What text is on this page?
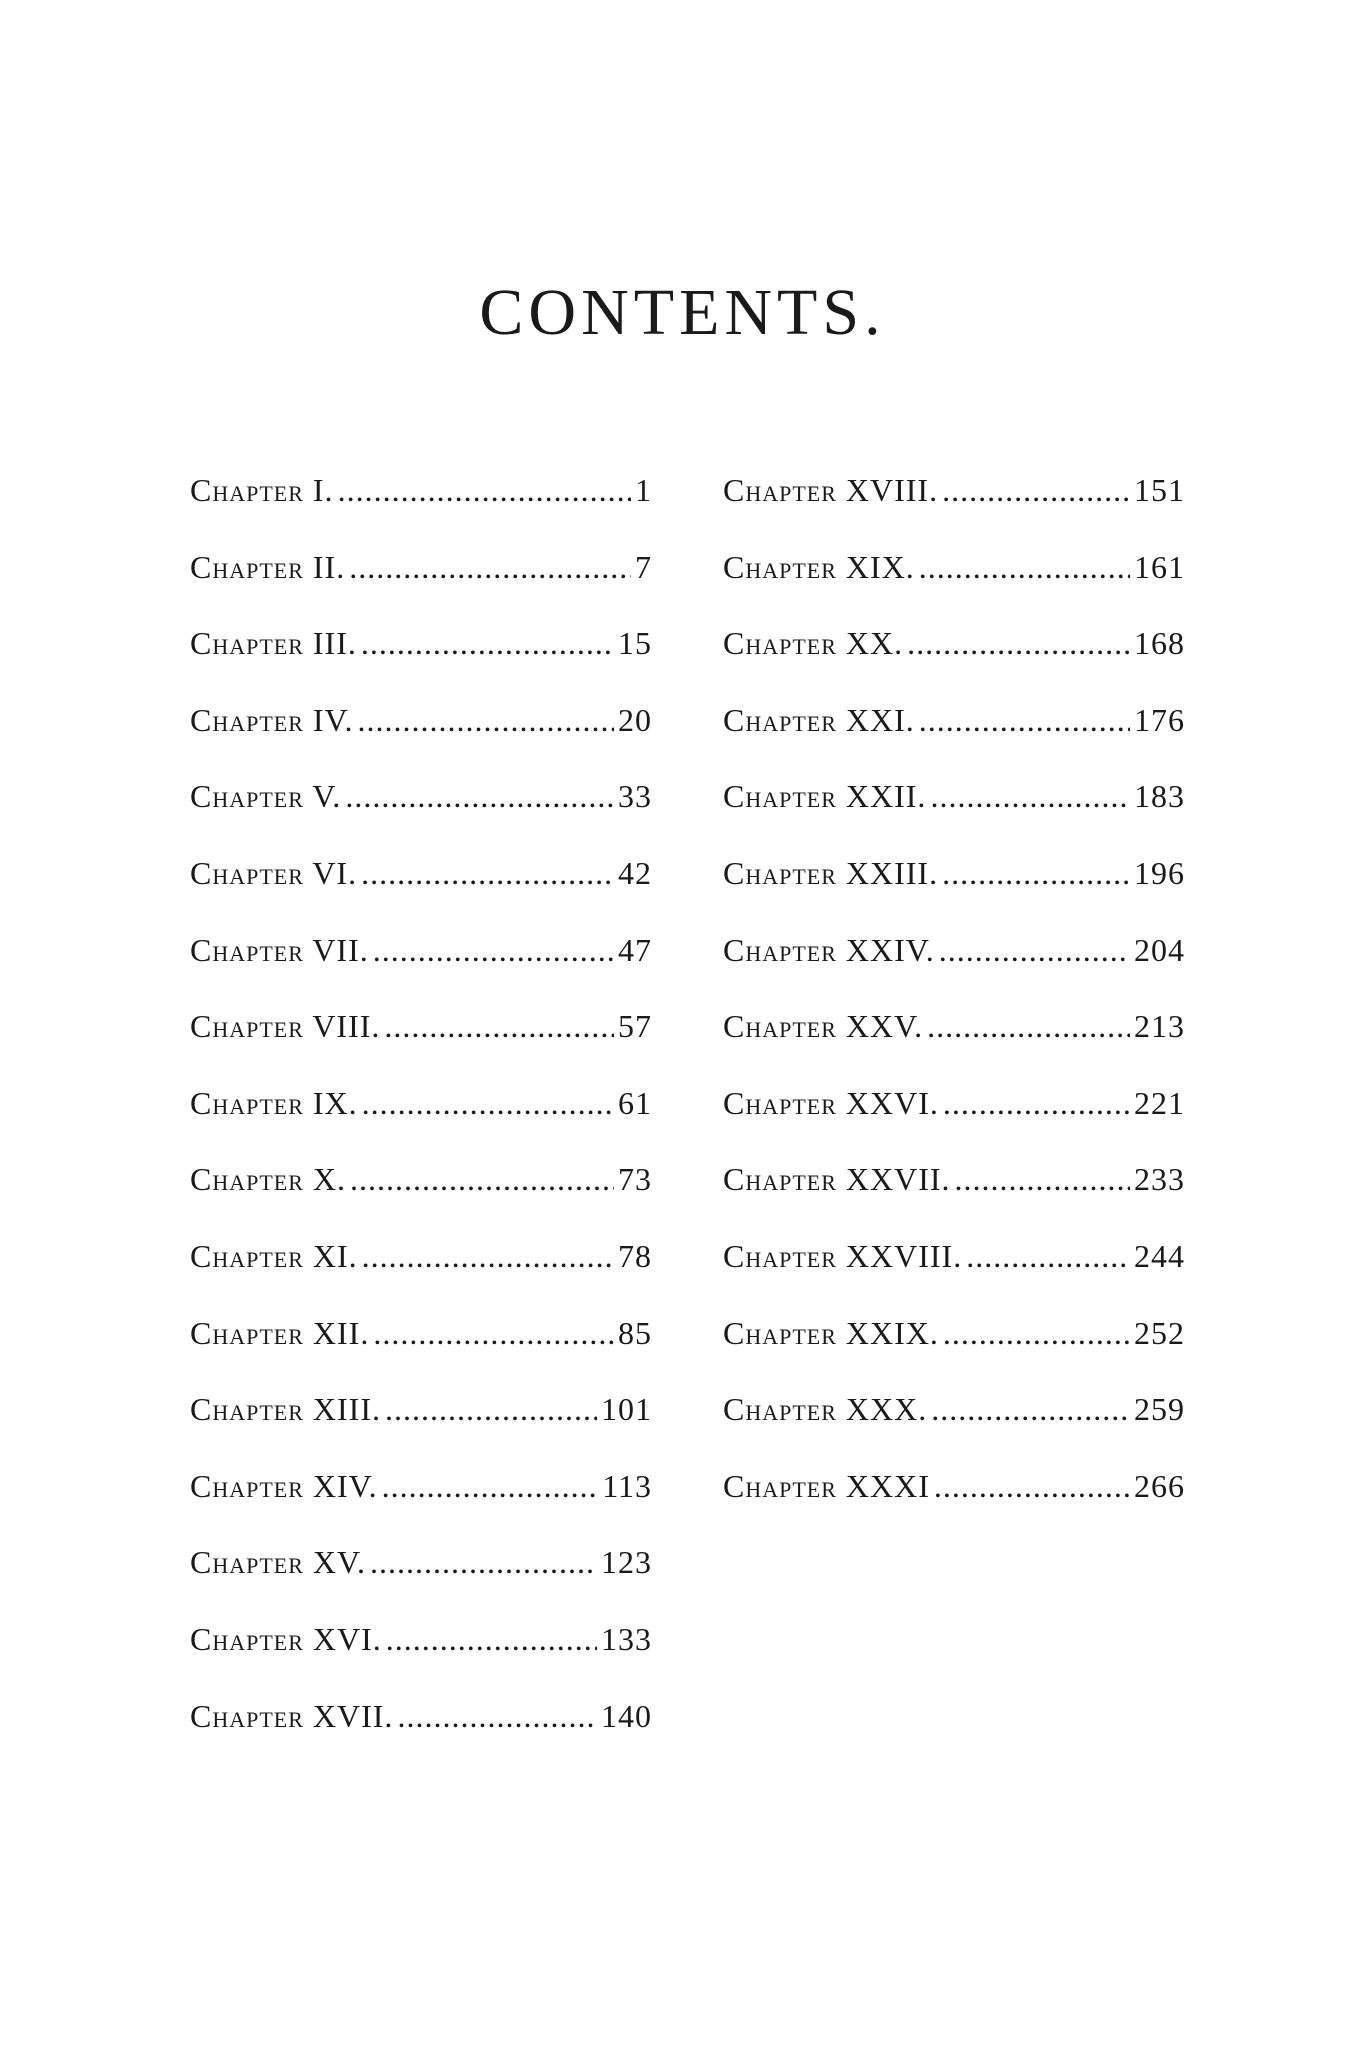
CONTENTS.
Chapter I. .....	1
Chapter II. .....	7
Chapter III. .....	15
Chapter IV. .....	20
Chapter V. .....	33
Chapter VI. .....	42
Chapter VII. .....	47
Chapter VIII. .....	57
Chapter IX. .....	61
Chapter X. .....	73
Chapter XI. .....	78
Chapter XII. .....	85
Chapter XIII. .....	101
Chapter XIV. .....	113
Chapter XV. .....	123
Chapter XVI. .....	133
Chapter XVII. .....	140
Chapter XVIII. .....	151
Chapter XIX. .....	161
Chapter XX. .....	168
Chapter XXI. .....	176
Chapter XXII. .....	183
Chapter XXIII. .....	196
Chapter XXIV. .....	204
Chapter XXV. .....	213
Chapter XXVI. .....	221
Chapter XXVII. .....	233
Chapter XXVIII. .....	244
Chapter XXIX. .....	252
Chapter XXX. .....	259
Chapter XXXI .....	266
